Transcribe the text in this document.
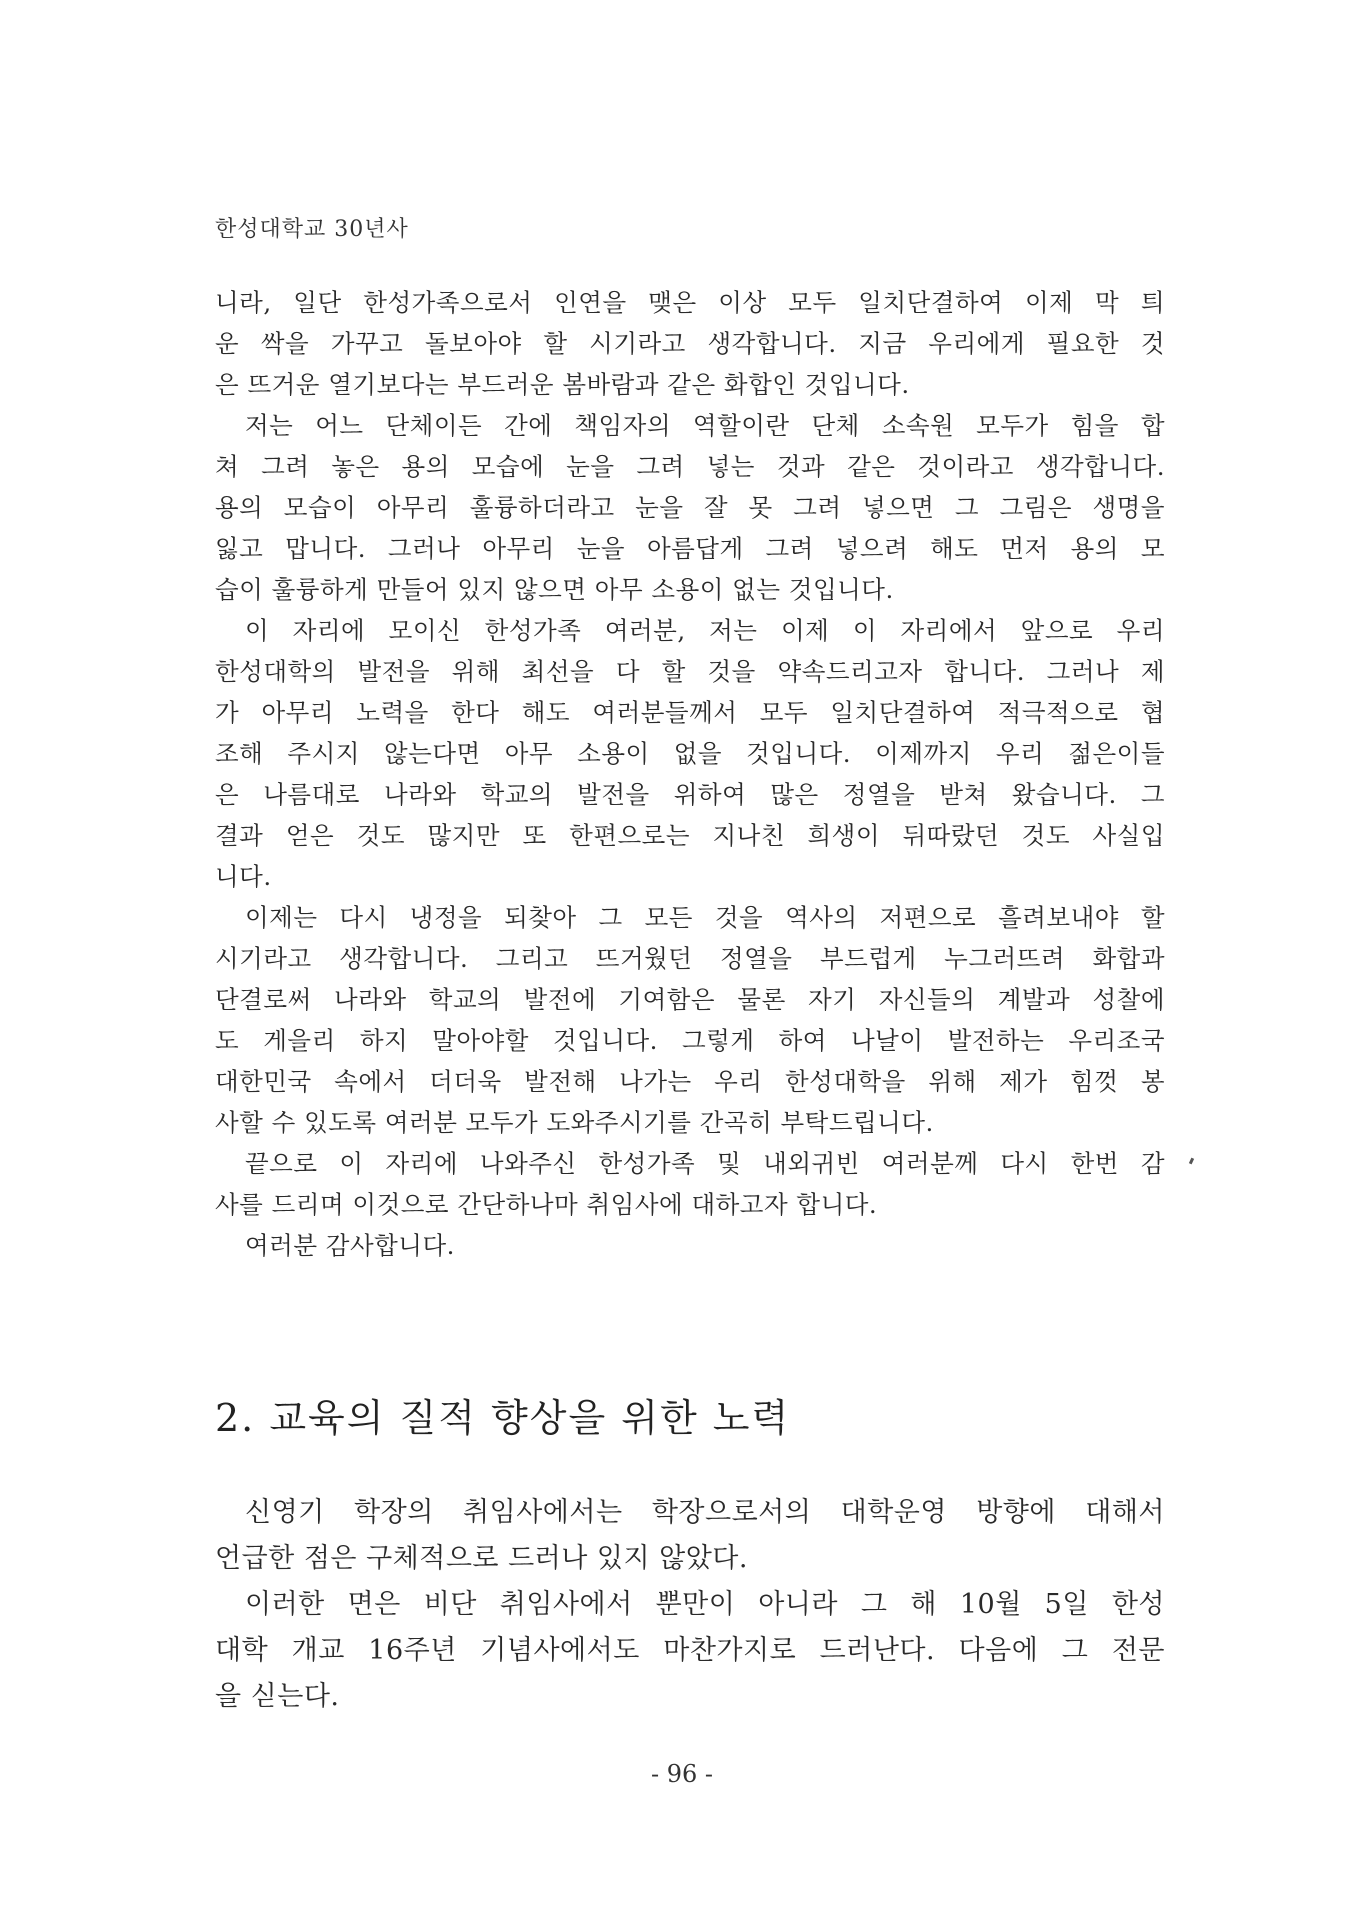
한성대학교 30년사
니라, 일단 한성가족으로서 인연을 맺은 이상 모두 일치단결하여 이제 막 틔
운 싹을 가꾸고 돌보아야 할 시기라고 생각합니다. 지금 우리에게 필요한 것
은 뜨거운 열기보다는 부드러운 봄바람과 같은 화합인 것입니다.
저는 어느 단체이든 간에 책임자의 역할이란 단체 소속원 모두가 힘을 합
쳐 그려 놓은 용의 모습에 눈을 그려 넣는 것과 같은 것이라고 생각합니다.
용의 모습이 아무리 훌륭하더라고 눈을 잘 못 그려 넣으면 그 그림은 생명을
잃고 맙니다. 그러나 아무리 눈을 아름답게 그려 넣으려 해도 먼저 용의 모
습이 훌륭하게 만들어 있지 않으면 아무 소용이 없는 것입니다.
이 자리에 모이신 한성가족 여러분, 저는 이제 이 자리에서 앞으로 우리
한성대학의 발전을 위해 최선을 다 할 것을 약속드리고자 합니다. 그러나 제
가 아무리 노력을 한다 해도 여러분들께서 모두 일치단결하여 적극적으로 협
조해 주시지 않는다면 아무 소용이 없을 것입니다. 이제까지 우리 젊은이들
은 나름대로 나라와 학교의 발전을 위하여 많은 정열을 받쳐 왔습니다. 그
결과 얻은 것도 많지만 또 한편으로는 지나친 희생이 뒤따랐던 것도 사실입
니다.
이제는 다시 냉정을 되찾아 그 모든 것을 역사의 저편으로 흘려보내야 할
시기라고 생각합니다. 그리고 뜨거웠던 정열을 부드럽게 누그러뜨려 화합과
단결로써 나라와 학교의 발전에 기여함은 물론 자기 자신들의 계발과 성찰에
도 게을리 하지 말아야할 것입니다. 그렇게 하여 나날이 발전하는 우리조국
대한민국 속에서 더더욱 발전해 나가는 우리 한성대학을 위해 제가 힘껏 봉
사할 수 있도록 여러분 모두가 도와주시기를 간곡히 부탁드립니다.
끝으로 이 자리에 나와주신 한성가족 및 내외귀빈 여러분께 다시 한번 감
사를 드리며 이것으로 간단하나마 취임사에 대하고자 합니다.
여러분 감사합니다.
2. 교육의 질적 향상을 위한 노력
신영기 학장의 취임사에서는 학장으로서의 대학운영 방향에 대해서
언급한 점은 구체적으로 드러나 있지 않았다.
이러한 면은 비단 취임사에서 뿐만이 아니라 그 해 10월 5일 한성
대학 개교 16주년 기념사에서도 마찬가지로 드러난다. 다음에 그 전문
을 싣는다.
- 96 -
